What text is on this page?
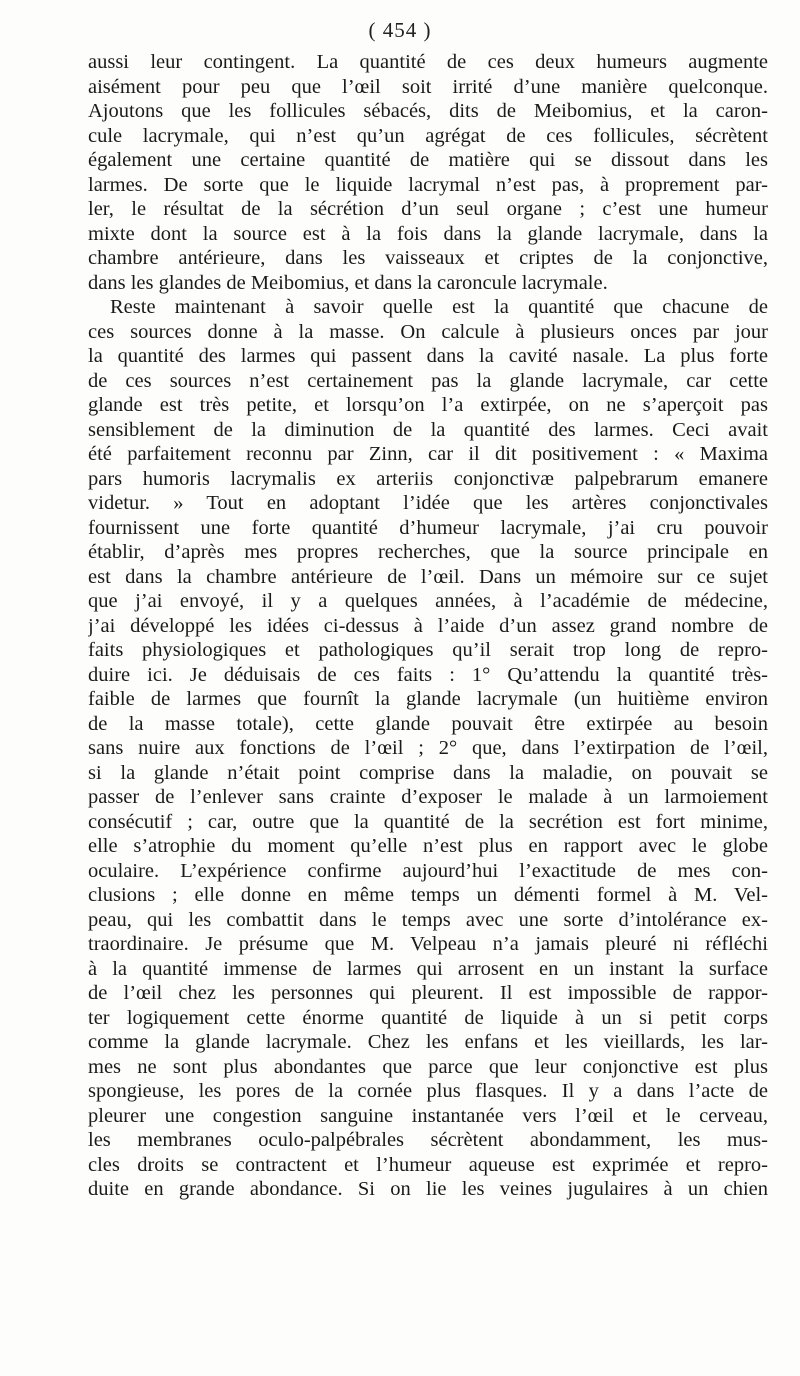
( 454 )
aussi leur contingent. La quantité de ces deux humeurs augmente
aisément pour peu que l’œil soit irrité d’une manière quelconque.
Ajoutons que les follicules sébacés, dits de Meibomius, et la caron-
cule lacrymale, qui n’est qu’un agrégat de ces follicules, sécrètent
également une certaine quantité de matière qui se dissout dans les
larmes. De sorte que le liquide lacrymal n’est pas, à proprement par-
ler, le résultat de la sécrétion d’un seul organe ; c’est une humeur
mixte dont la source est à la fois dans la glande lacrymale, dans la
chambre antérieure, dans les vaisseaux et criptes de la conjonctive,
dans les glandes de Meibomius, et dans la caroncule lacrymale.
Reste maintenant à savoir quelle est la quantité que chacune de
ces sources donne à la masse. On calcule à plusieurs onces par jour
la quantité des larmes qui passent dans la cavité nasale. La plus forte
de ces sources n’est certainement pas la glande lacrymale, car cette
glande est très petite, et lorsqu’on l’a extirpée, on ne s’aperçoit pas
sensiblement de la diminution de la quantité des larmes. Ceci avait
été parfaitement reconnu par Zinn, car il dit positivement : « Maxima
pars humoris lacrymalis ex arteriis conjonctivæ palpebrarum emanere
videtur. » Tout en adoptant l’idée que les artères conjonctivales
fournissent une forte quantité d’humeur lacrymale, j’ai cru pouvoir
établir, d’après mes propres recherches, que la source principale en
est dans la chambre antérieure de l’œil. Dans un mémoire sur ce sujet
que j’ai envoyé, il y a quelques années, à l’académie de médecine,
j’ai développé les idées ci-dessus à l’aide d’un assez grand nombre de
faits physiologiques et pathologiques qu’il serait trop long de repro-
duire ici. Je déduisais de ces faits : 1° Qu’attendu la quantité très-
faible de larmes que fournît la glande lacrymale (un huitième environ
de la masse totale), cette glande pouvait être extirpée au besoin
sans nuire aux fonctions de l’œil ; 2° que, dans l’extirpation de l’œil,
si la glande n’était point comprise dans la maladie, on pouvait se
passer de l’enlever sans crainte d’exposer le malade à un larmoiement
consécutif ; car, outre que la quantité de la secrétion est fort minime,
elle s’atrophie du moment qu’elle n’est plus en rapport avec le globe
oculaire. L’expérience confirme aujourd’hui l’exactitude de mes con-
clusions ; elle donne en même temps un démenti formel à M. Vel-
peau, qui les combattit dans le temps avec une sorte d’intolérance ex-
traordinaire. Je présume que M. Velpeau n’a jamais pleuré ni réfléchi
à la quantité immense de larmes qui arrosent en un instant la surface
de l’œil chez les personnes qui pleurent. Il est impossible de rappor-
ter logiquement cette énorme quantité de liquide à un si petit corps
comme la glande lacrymale. Chez les enfans et les vieillards, les lar-
mes ne sont plus abondantes que parce que leur conjonctive est plus
spongieuse, les pores de la cornée plus flasques. Il y a dans l’acte de
pleurer une congestion sanguine instantanée vers l’œil et le cerveau,
les membranes oculo-palpébrales sécrètent abondamment, les mus-
cles droits se contractent et l’humeur aqueuse est exprimée et repro-
duite en grande abondance. Si on lie les veines jugulaires à un chien
